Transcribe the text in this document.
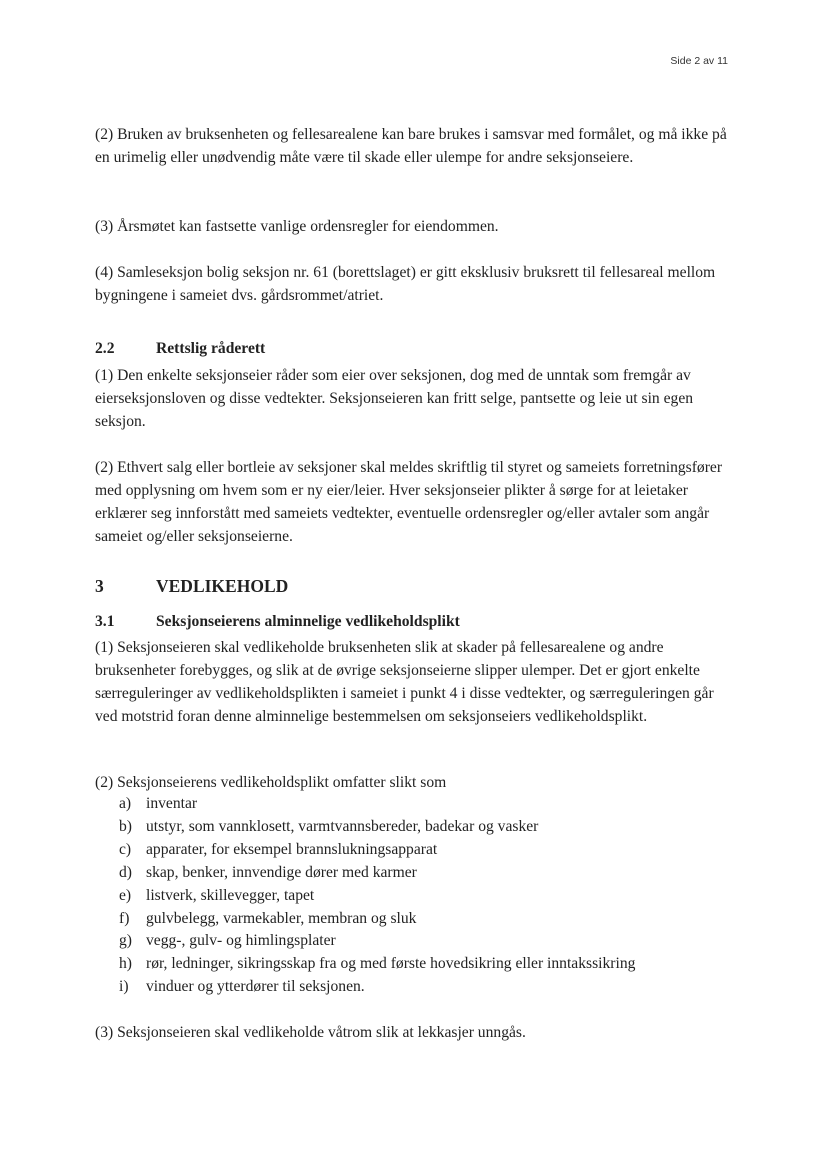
Side 2 av 11

(2) Bruken av bruksenheten og fellesarealene kan bare brukes i samsvar med formålet, og må ikke på en urimelig eller unødvendig måte være til skade eller ulempe for andre seksjonseiere.

(3) Årsmøtet kan fastsette vanlige ordensregler for eiendommen.

(4) Samleseksjon bolig seksjon nr. 61 (borettslaget) er gitt eksklusiv bruksrett til fellesareal mellom bygningene i sameiet dvs. gårdsrommet/atriet.

2.2	Rettslig råderett

(1) Den enkelte seksjonseier råder som eier over seksjonen, dog med de unntak som fremgår av eierseksjonsloven og disse vedtekter. Seksjonseieren kan fritt selge, pantsette og leie ut sin egen seksjon.

(2) Ethvert salg eller bortleie av seksjoner skal meldes skriftlig til styret og sameiets forretningsfører med opplysning om hvem som er ny eier/leier. Hver seksjonseier plikter å sørge for at leietaker erklærer seg innforstått med sameiets vedtekter, eventuelle ordensregler og/eller avtaler som angår sameiet og/eller seksjonseierne.

3	VEDLIKEHOLD
3.1	Seksjonseierens alminnelige vedlikeholdsplikt

(1) Seksjonseieren skal vedlikeholde bruksenheten slik at skader på fellesarealene og andre bruksenheter forebygges, og slik at de øvrige seksjonseierne slipper ulemper. Det er gjort enkelte særreguleringer av vedlikeholdsplikten i sameiet i punkt 4 i disse vedtekter, og særreguleringen går ved motstrid foran denne alminnelige bestemmelsen om seksjonseiers vedlikeholdsplikt.

(2) Seksjonseierens vedlikeholdsplikt omfatter slikt som

a) inventar
b) utstyr, som vannklosett, varmtvannsbereder, badekar og vasker
c) apparater, for eksempel brannslukningsapparat
d) skap, benker, innvendige dører med karmer
e) listverk, skillevegger, tapet
f) gulvbelegg, varmekabler, membran og sluk
g) vegg-, gulv- og himlingsplater
h) rør, ledninger, sikringsskap fra og med første hovedsikring eller inntakssikring
i) vinduer og ytterdører til seksjonen.

(3) Seksjonseieren skal vedlikeholde våtrom slik at lekkasjer unngås.
